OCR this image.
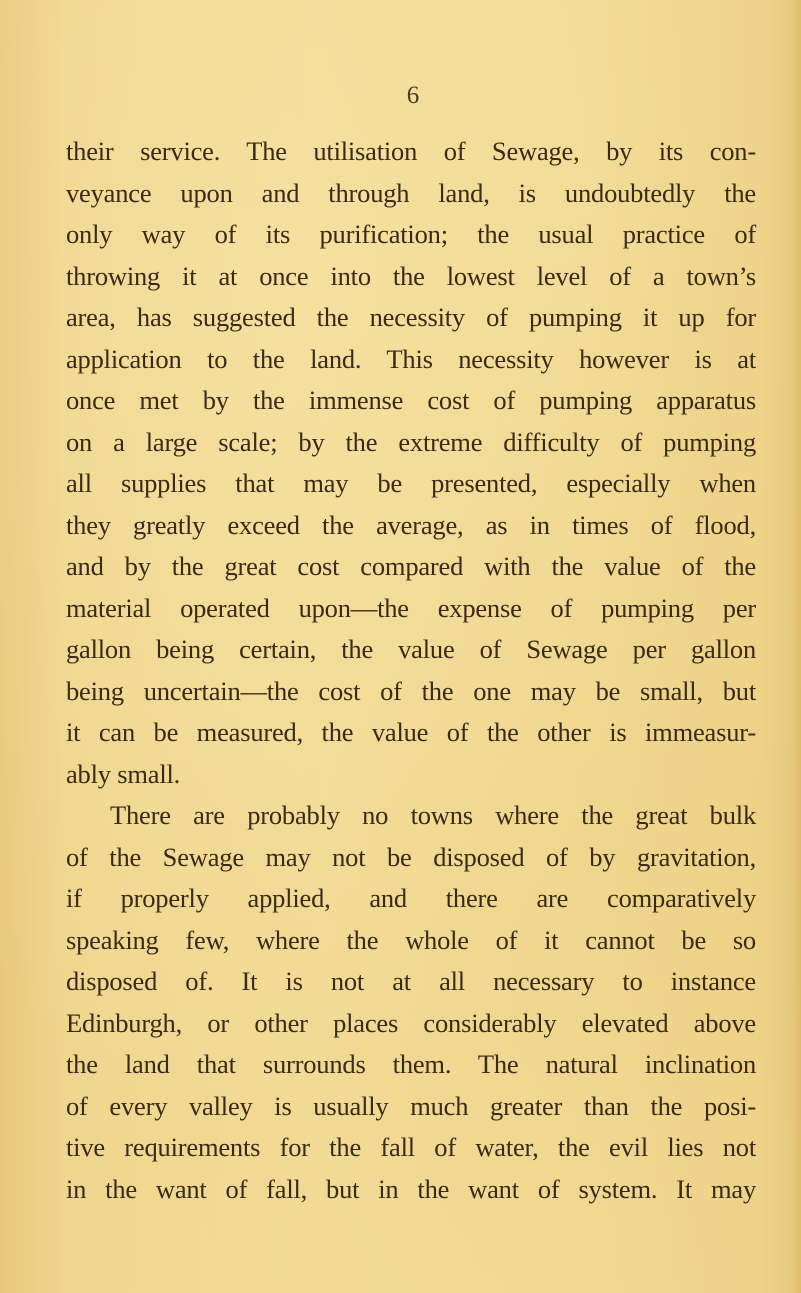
6
their service. The utilisation of Sewage, by its con-
veyance upon and through land, is undoubtedly the
only way of its purification; the usual practice of
throwing it at once into the lowest level of a town’s
area, has suggested the necessity of pumping it up for
application to the land. This necessity however is at
once met by the immense cost of pumping apparatus
on a large scale; by the extreme difficulty of pumping
all supplies that may be presented, especially when
they greatly exceed the average, as in times of flood,
and by the great cost compared with the value of the
material operated upon—the expense of pumping per
gallon being certain, the value of Sewage per gallon
being uncertain—the cost of the one may be small, but
it can be measured, the value of the other is immeasur-
ably small.
There are probably no towns where the great bulk
of the Sewage may not be disposed of by gravitation,
if properly applied, and there are comparatively
speaking few, where the whole of it cannot be so
disposed of. It is not at all necessary to instance
Edinburgh, or other places considerably elevated above
the land that surrounds them. The natural inclination
of every valley is usually much greater than the posi-
tive requirements for the fall of water, the evil lies not
in the want of fall, but in the want of system. It may
